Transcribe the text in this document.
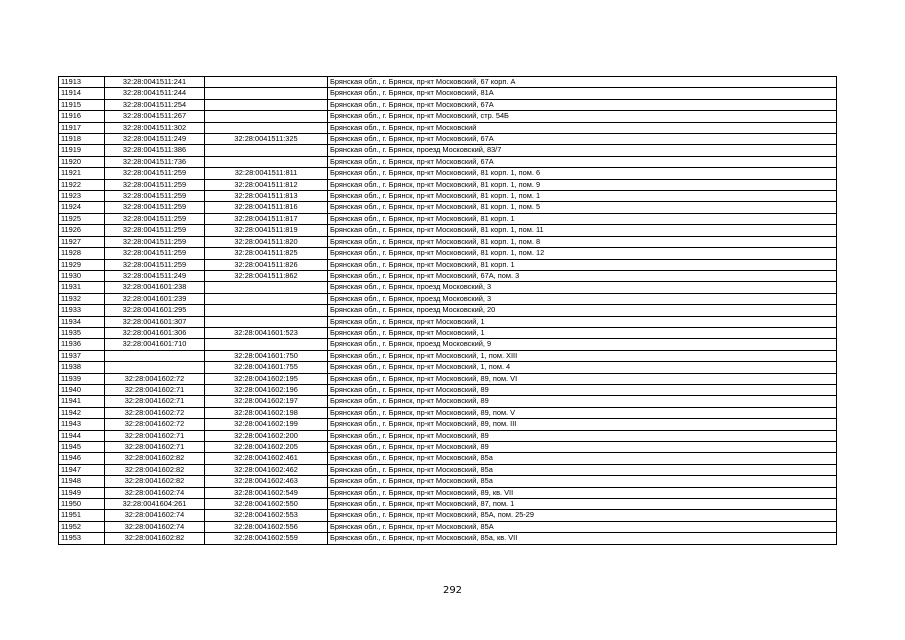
11913	32:28:0041511:241		Брянская обл., г. Брянск, пр-кт Московский, 67 корп. А
11914	32:28:0041511:244		Брянская обл., г. Брянск, пр-кт Московский, 81А
11915	32:28:0041511:254		Брянская обл., г. Брянск, пр-кт Московский, 67А
11916	32:28:0041511:267		Брянская обл., г. Брянск, пр-кт Московский, стр. 54Б
11917	32:28:0041511:302		Брянская обл., г. Брянск, пр-кт Московский
11918	32:28:0041511:249	32:28:0041511:325	Брянская обл., г. Брянск, пр-кт Московский, 67А
11919	32:28:0041511:386		Брянская обл., г. Брянск, проезд Московский, 83/7
11920	32:28:0041511:736		Брянская обл., г. Брянск, пр-кт Московский, 67А
11921	32:28:0041511:259	32:28:0041511:811	Брянская обл., г. Брянск, пр-кт Московский, 81 корп. 1, пом. 6
11922	32:28:0041511:259	32:28:0041511:812	Брянская обл., г. Брянск, пр-кт Московский, 81 корп. 1, пом. 9
11923	32:28:0041511:259	32:28:0041511:813	Брянская обл., г. Брянск, пр-кт Московский, 81 корп. 1, пом. 1
11924	32:28:0041511:259	32:28:0041511:816	Брянская обл., г. Брянск, пр-кт Московский, 81 корп. 1, пом. 5
11925	32:28:0041511:259	32:28:0041511:817	Брянская обл., г. Брянск, пр-кт Московский, 81 корп. 1
11926	32:28:0041511:259	32:28:0041511:819	Брянская обл., г. Брянск, пр-кт Московский, 81 корп. 1, пом. 11
11927	32:28:0041511:259	32:28:0041511:820	Брянская обл., г. Брянск, пр-кт Московский, 81 корп. 1, пом. 8
11928	32:28:0041511:259	32:28:0041511:825	Брянская обл., г. Брянск, пр-кт Московский, 81 корп. 1, пом. 12
11929	32:28:0041511:259	32:28:0041511:826	Брянская обл., г. Брянск, пр-кт Московский, 81 корп. 1
11930	32:28:0041511:249	32:28:0041511:862	Брянская обл., г. Брянск, пр-кт Московский, 67А, пом. 3
11931	32:28:0041601:238		Брянская обл., г. Брянск, проезд Московский, 3
11932	32:28:0041601:239		Брянская обл., г. Брянск, проезд Московский, 3
11933	32:28:0041601:295		Брянская обл., г. Брянск, проезд Московский, 20
11934	32:28:0041601:307		Брянская обл., г. Брянск, пр-кт Московский, 1
11935	32:28:0041601:306	32:28:0041601:523	Брянская обл., г. Брянск, пр-кт Московский, 1
11936	32:28:0041601:710		Брянская обл., г. Брянск, проезд Московский, 9
11937		32:28:0041601:750	Брянская обл., г. Брянск, пр-кт Московский, 1, пом. XIII
11938		32:28:0041601:755	Брянская обл., г. Брянск, пр-кт Московский, 1, пом. 4
11939	32:28:0041602:72	32:28:0041602:195	Брянская обл., г. Брянск, пр-кт Московский, 89, пом. VI
11940	32:28:0041602:71	32:28:0041602:196	Брянская обл., г. Брянск, пр-кт Московский, 89
11941	32:28:0041602:71	32:28:0041602:197	Брянская обл., г. Брянск, пр-кт Московский, 89
11942	32:28:0041602:72	32:28:0041602:198	Брянская обл., г. Брянск, пр-кт Московский, 89, пом. V
11943	32:28:0041602:72	32:28:0041602:199	Брянская обл., г. Брянск, пр-кт Московский, 89, пом. III
11944	32:28:0041602:71	32:28:0041602:200	Брянская обл., г. Брянск, пр-кт Московский, 89
11945	32:28:0041602:71	32:28:0041602:205	Брянская обл., г. Брянск, пр-кт Московский, 89
11946	32:28:0041602:82	32:28:0041602:461	Брянская обл., г. Брянск, пр-кт Московский, 85а
11947	32:28:0041602:82	32:28:0041602:462	Брянская обл., г. Брянск, пр-кт Московский, 85а
11948	32:28:0041602:82	32:28:0041602:463	Брянская обл., г. Брянск, пр-кт Московский, 85а
11949	32:28:0041602:74	32:28:0041602:549	Брянская обл., г. Брянск, пр-кт Московский, 89, кв. VII
11950	32:28:0041604:261	32:28:0041602:550	Брянская обл., г. Брянск, пр-кт Московский, 87, пом. 1
11951	32:28:0041602:74	32:28:0041602:553	Брянская обл., г. Брянск, пр-кт Московский, 85А, пом. 25-29
11952	32:28:0041602:74	32:28:0041602:556	Брянская обл., г. Брянск, пр-кт Московский, 85А
11953	32:28:0041602:82	32:28:0041602:559	Брянская обл., г. Брянск, пр-кт Московский, 85а, кв. VII
292
